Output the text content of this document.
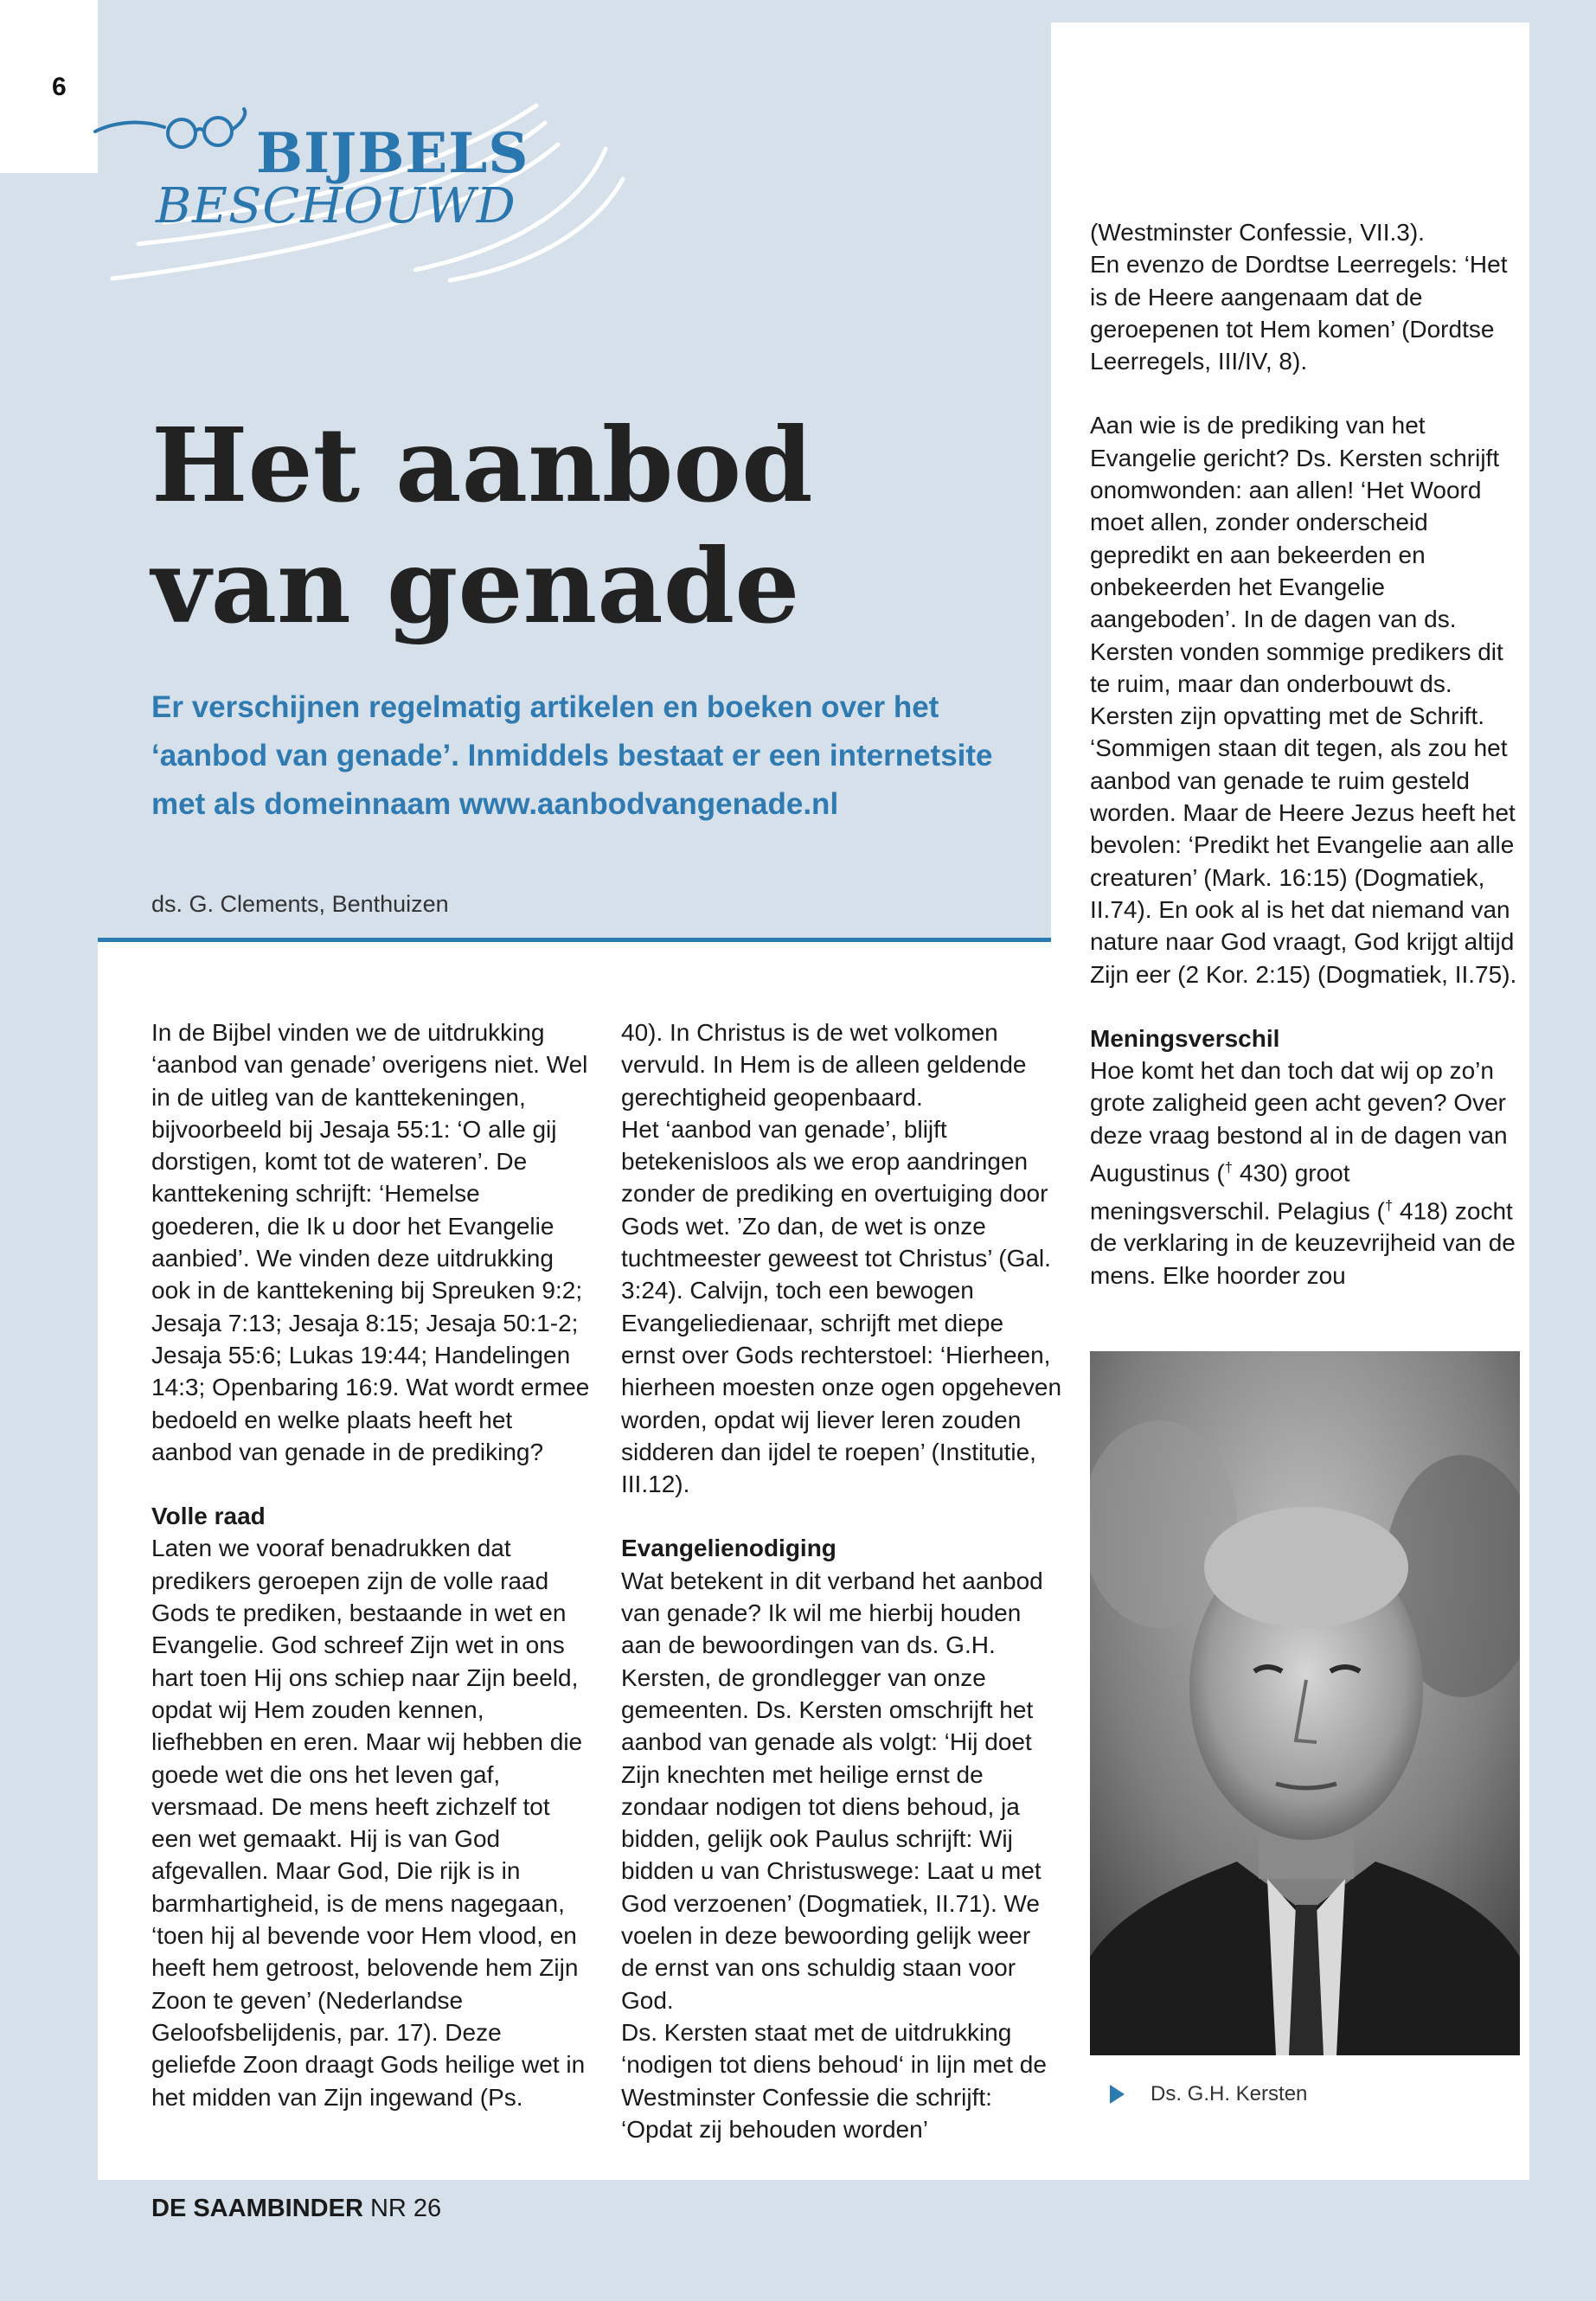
6
BIJBELS
BESCHOUWD
Het aanbod
van genade
Er verschijnen regelmatig artikelen en boeken over het ‘aanbod van genade’. Inmiddels bestaat er een internetsite met als domeinnaam www.aanbodvangenade.nl
ds. G. Clements, Benthuizen

In de Bijbel vinden we de uitdrukking ‘aanbod van genade’ overigens niet. Wel in de uitleg van de kanttekeningen, bijvoorbeeld bij Jesaja 55:1: ‘O alle gij dorstigen, komt tot de wateren’. De kanttekening schrijft: ‘Hemelse goederen, die Ik u door het Evangelie aanbied’. We vinden deze uitdrukking ook in de kanttekening bij Spreuken 9:2; Jesaja 7:13; Jesaja 8:15; Jesaja 50:1-2; Jesaja 55:6; Lukas 19:44; Handelingen 14:3; Openbaring 16:9. Wat wordt ermee bedoeld en welke plaats heeft het aanbod van genade in de prediking?

Volle raad

Laten we vooraf benadrukken dat predikers geroepen zijn de volle raad Gods te prediken, bestaande in wet en Evangelie. God schreef Zijn wet in ons hart toen Hij ons schiep naar Zijn beeld, opdat wij Hem zouden kennen, liefhebben en eren. Maar wij hebben die goede wet die ons het leven gaf, versmaad. De mens heeft zichzelf tot een wet gemaakt. Hij is van God afgevallen. Maar God, Die rijk is in barmhartigheid, is de mens nagegaan, ‘toen hij al bevende voor Hem vlood, en heeft hem getroost, belovende hem Zijn Zoon te geven’ (Nederlandse Geloofsbelijdenis, par. 17). Deze geliefde Zoon draagt Gods heilige wet in het midden van Zijn ingewand (Ps.

40). In Christus is de wet volkomen vervuld. In Hem is de alleen geldende gerechtigheid geopenbaard.

Het ‘aanbod van genade’, blijft betekenisloos als we erop aandringen zonder de prediking en overtuiging door Gods wet. ’Zo dan, de wet is onze tuchtmeester geweest tot Christus’ (Gal. 3:24). Calvijn, toch een bewogen Evangeliedienaar, schrijft met diepe ernst over Gods rechterstoel: ‘Hierheen, hierheen moesten onze ogen opgeheven worden, opdat wij liever leren zouden sidderen dan ijdel te roepen’ (Institutie, III.12).

Evangelienodiging

Wat betekent in dit verband het aanbod van genade? Ik wil me hierbij houden aan de bewoordingen van ds. G.H. Kersten, de grondlegger van onze gemeenten. Ds. Kersten omschrijft het aanbod van genade als volgt: ‘Hij doet Zijn knechten met heilige ernst de zondaar nodigen tot diens behoud, ja bidden, gelijk ook Paulus schrijft: Wij bidden u van Christuswege: Laat u met God verzoenen’ (Dogmatiek, II.71). We voelen in deze bewoording gelijk weer de ernst van ons schuldig staan voor God.

Ds. Kersten staat met de uitdrukking ‘nodigen tot diens behoud‘ in lijn met de Westminster Confessie die schrijft: ‘Opdat zij behouden worden’

(Westminster Confessie, VII.3).

En evenzo de Dordtse Leerregels: ‘Het is de Heere aangenaam dat de geroepenen tot Hem komen’ (Dordtse Leerregels, III/IV, 8).

Aan wie is de prediking van het Evangelie gericht? Ds. Kersten schrijft onomwonden: aan allen! ‘Het Woord moet allen, zonder onderscheid gepredikt en aan bekeerden en onbekeerden het Evangelie aangeboden’. In de dagen van ds. Kersten vonden sommige predikers dit te ruim, maar dan onderbouwt ds. Kersten zijn opvatting met de Schrift. ‘Sommigen staan dit tegen, als zou het aanbod van genade te ruim gesteld worden. Maar de Heere Jezus heeft het bevolen: ‘Predikt het Evangelie aan alle creaturen’ (Mark. 16:15) (Dogmatiek, II.74). En ook al is het dat niemand van nature naar God vraagt, God krijgt altijd Zijn eer (2 Kor. 2:15) (Dogmatiek, II.75).

Meningsverschil

Hoe komt het dan toch dat wij op zo’n grote zaligheid geen acht geven? Over deze vraag bestond al in de dagen van Augustinus († 430) groot meningsverschil. Pelagius († 418) zocht de verklaring in de keuzevrijheid van de mens. Elke hoorder zou

Ds. G.H. Kersten
DE SAAMBINDER NR 26
